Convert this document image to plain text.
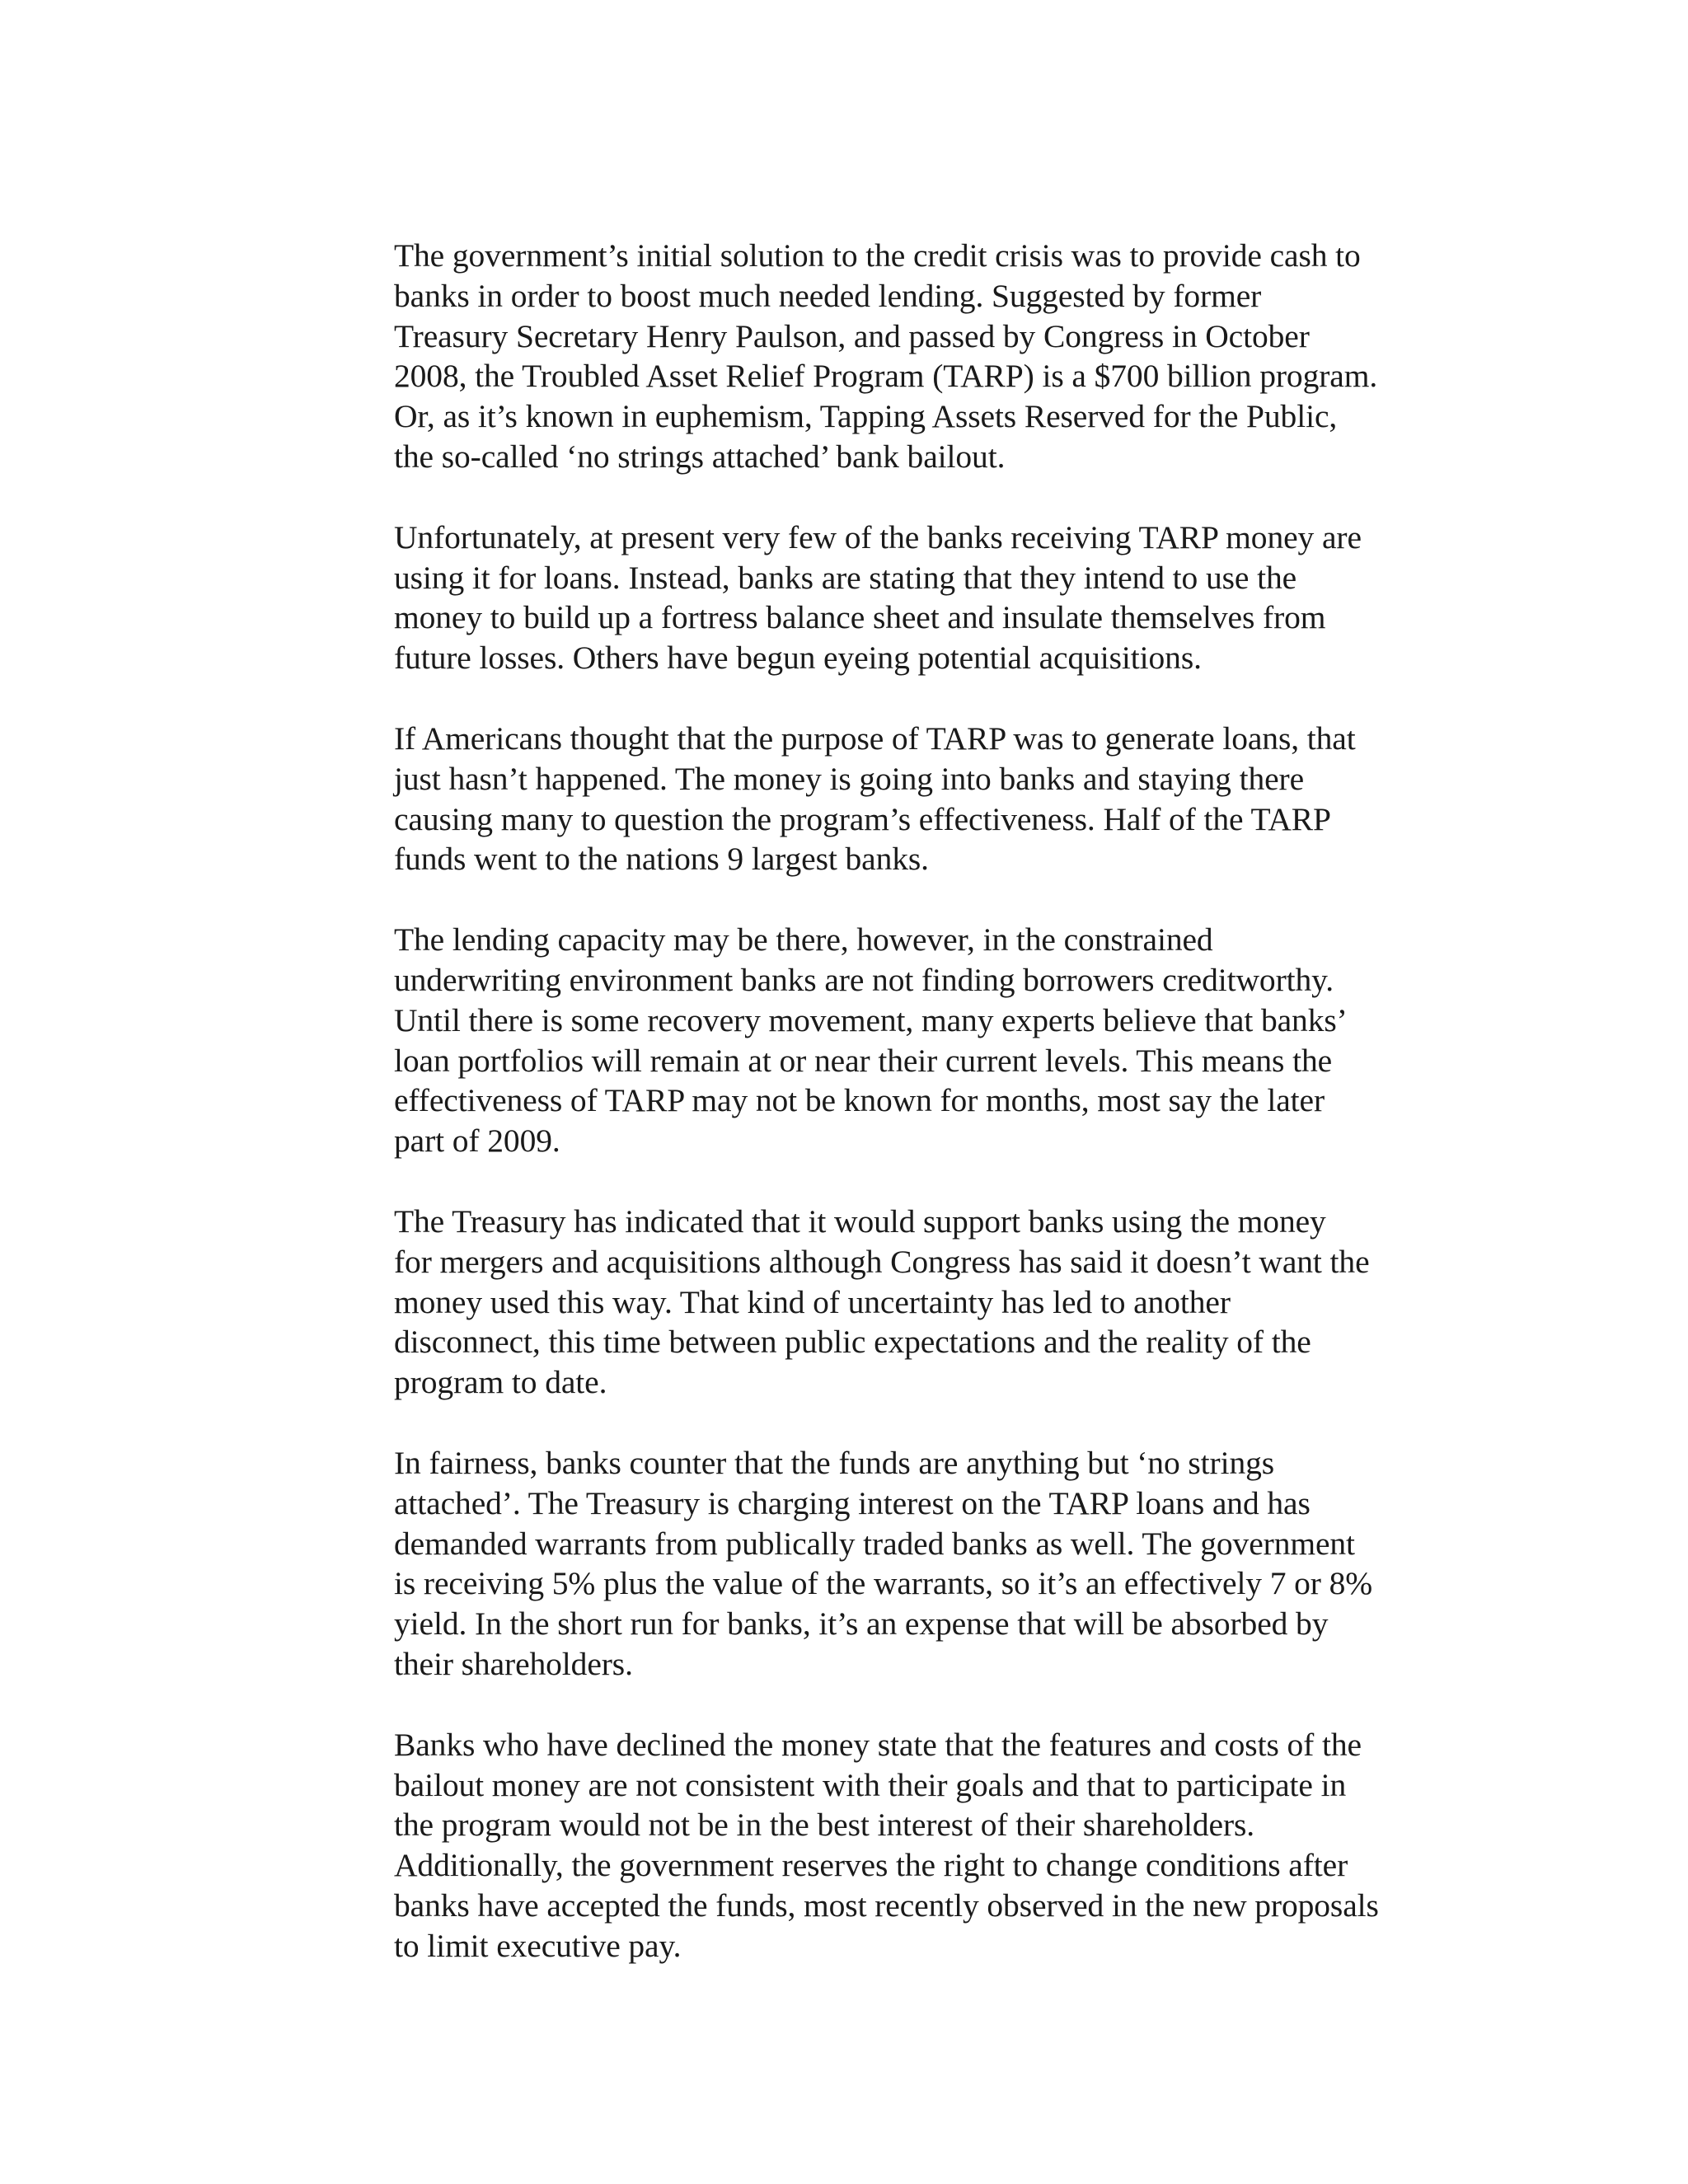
The government’s initial solution to the credit crisis was to provide cash to
banks in order to boost much needed lending. Suggested by former
Treasury Secretary Henry Paulson, and passed by Congress in October
2008, the Troubled Asset Relief Program (TARP) is a $700 billion program.
Or, as it’s known in euphemism, Tapping Assets Reserved for the Public,
the so-called ‘no strings attached’ bank bailout.

Unfortunately, at present very few of the banks receiving TARP money are
using it for loans. Instead, banks are stating that they intend to use the
money to build up a fortress balance sheet and insulate themselves from
future losses. Others have begun eyeing potential acquisitions.

If Americans thought that the purpose of TARP was to generate loans, that
just hasn’t happened. The money is going into banks and staying there
causing many to question the program’s effectiveness. Half of the TARP
funds went to the nations 9 largest banks.

The lending capacity may be there, however, in the constrained
underwriting environment banks are not finding borrowers creditworthy.
Until there is some recovery movement, many experts believe that banks’
loan portfolios will remain at or near their current levels. This means the
effectiveness of TARP may not be known for months, most say the later
part of 2009.

The Treasury has indicated that it would support banks using the money
for mergers and acquisitions although Congress has said it doesn’t want the
money used this way. That kind of uncertainty has led to another
disconnect, this time between public expectations and the reality of the
program to date.

In fairness, banks counter that the funds are anything but ‘no strings
attached’. The Treasury is charging interest on the TARP loans and has
demanded warrants from publically traded banks as well. The government
is receiving 5% plus the value of the warrants, so it’s an effectively 7 or 8%
yield. In the short run for banks, it’s an expense that will be absorbed by
their shareholders.

Banks who have declined the money state that the features and costs of the
bailout money are not consistent with their goals and that to participate in
the program would not be in the best interest of their shareholders.
Additionally, the government reserves the right to change conditions after
banks have accepted the funds, most recently observed in the new proposals
to limit executive pay.
